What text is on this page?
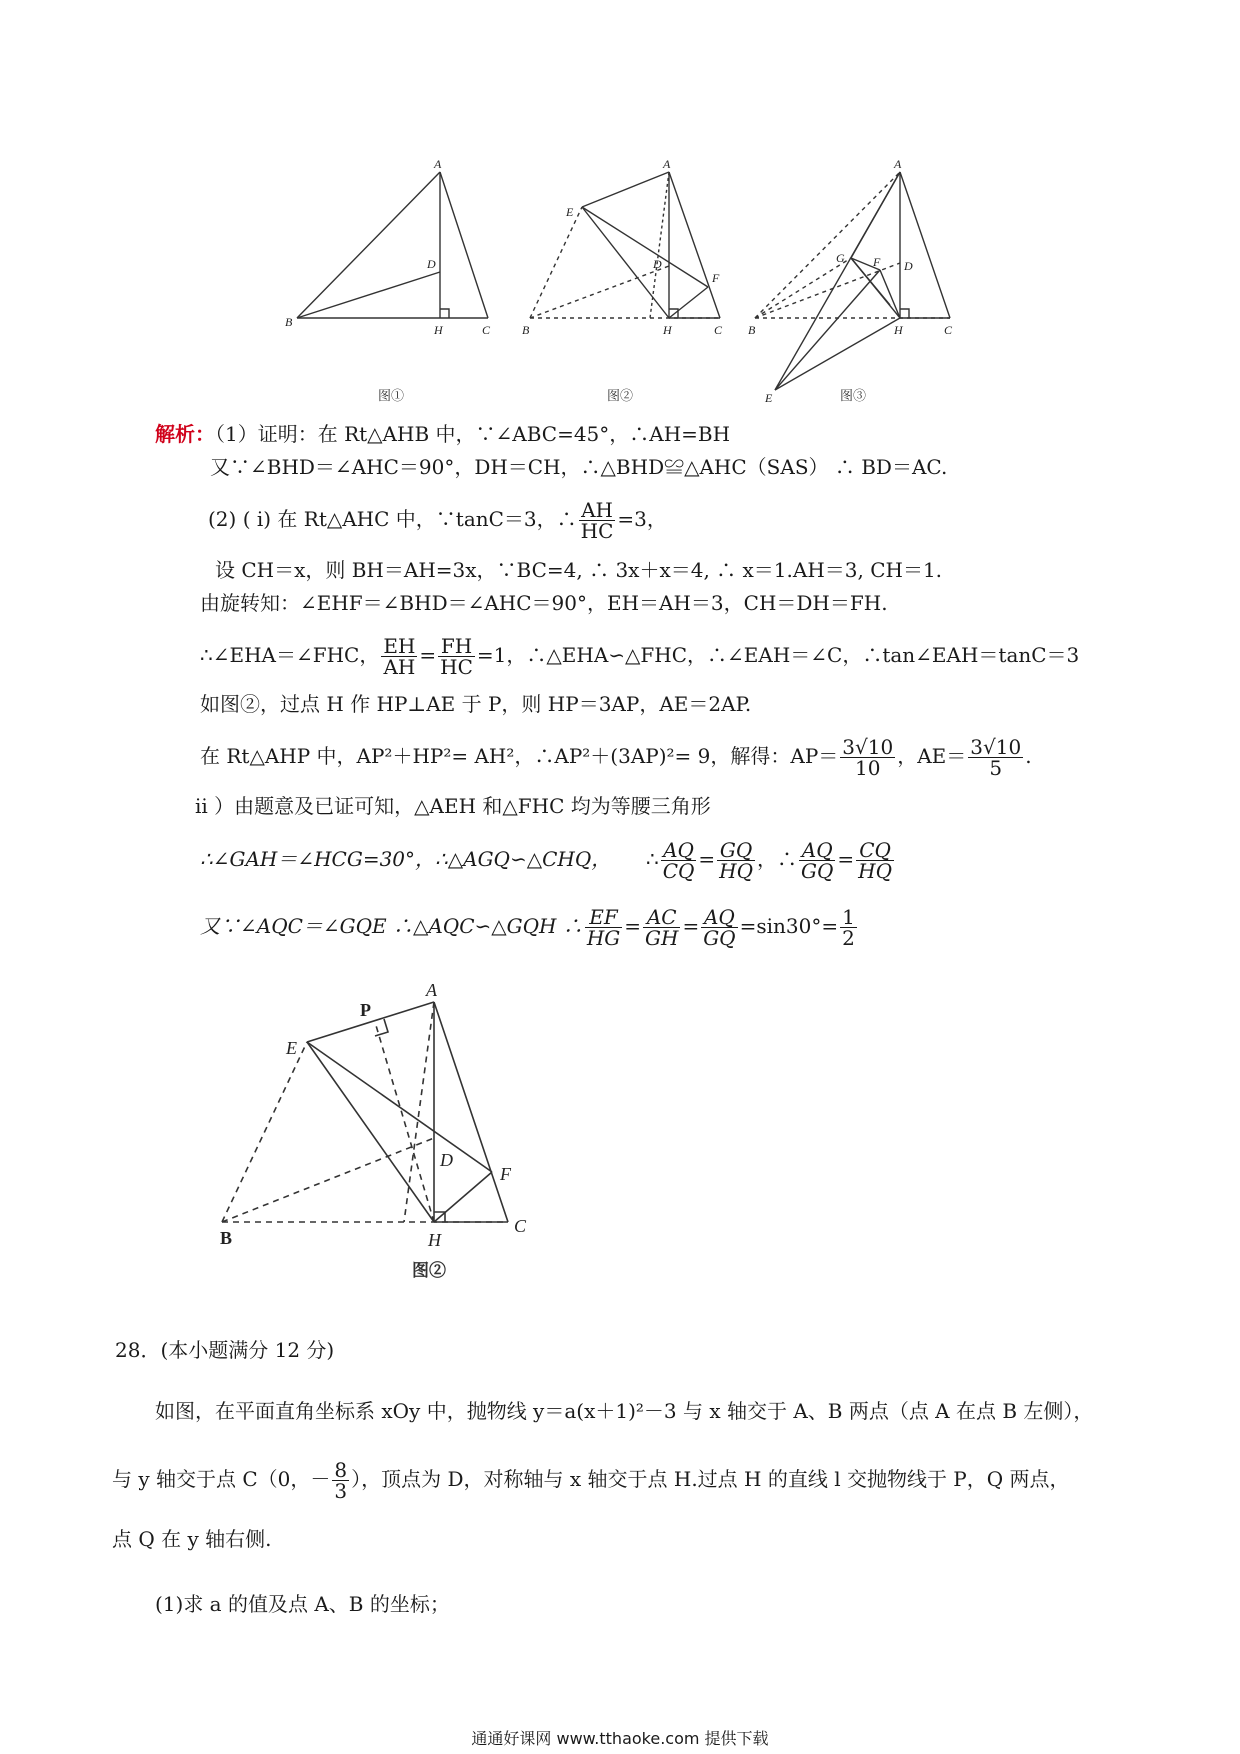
A
B
C
D
H
A
B	C
D
E
F
H
A
B	C
D
E
F
G
H
图①	图②	图③
解析：（1）证明：在 Rt△AHB 中，∵∠ABC=45°，∴AH=BH
又∵∠BHD＝∠AHC＝90°，DH＝CH，∴△BHD≌△AHC（SAS） ∴ BD＝AC.
(2) ( i) 在 Rt△AHC 中，∵tanC＝3，∴ $\frac{AH}{HC} =3$，
设 CH＝x，则 BH＝AH=3x，∵BC=4, ∴ 3x＋x＝4, ∴ x＝1.AH＝3, CH＝1.
由旋转知：∠EHF＝∠BHD＝∠AHC＝90°，EH＝AH＝3，CH＝DH＝FH.
∴∠EHA＝∠FHC， $\frac{EH}{AH} = \frac{FH}{HC} =1$，∴△EHA∽△FHC，∴∠EAH＝∠C，∴tan∠EAH＝tanC＝3
如图②，过点 H 作 HP⊥AE 于 P，则 HP＝3AP，AE＝2AP.
在 Rt△AHP 中，AP²＋HP²= AH²，∴AP²＋(3AP)²= 9，解得：$AP= \frac{3√10}{10}$ ，$AE= \frac{3√10}{5}$ .
ii ）由题意及已证可知，△AEH 和△FHC 均为等腰三角形
∴∠GAH＝∠HCG=30°，∴△AGQ∽△CHQ， ∴ $\frac{AQ}{CQ} = \frac{GQ}{HQ}$ ，∴ $\frac{AQ}{GQ} = \frac{CQ}{HQ}$
又∵∠AQC＝∠GQE ∴△AQC∽△GQH ∴ $\frac{EF}{HG} = \frac{AC}{GH} = \frac{AQ}{GQ} =\sin 30^\circ= \frac{1}{2}$
A
B
C
D
E
F
H
P
图②
28．(本小题满分 12 分)
如图，在平面直角坐标系 xOy 中，抛物线 y＝a(x＋1)²－3 与 x 轴交于 A、B 两点（点 A 在点 B 左侧），
与 y 轴交于点 C（0，－ $\frac{8}{3}$ ），顶点为 D，对称轴与 x 轴交于点 H.过点 H 的直线 l 交抛物线于 P，Q 两点，
点 Q 在 y 轴右侧.
(1)求 a 的值及点 A、B 的坐标；
通通好课网 www.tthaoke.com 提供下载
